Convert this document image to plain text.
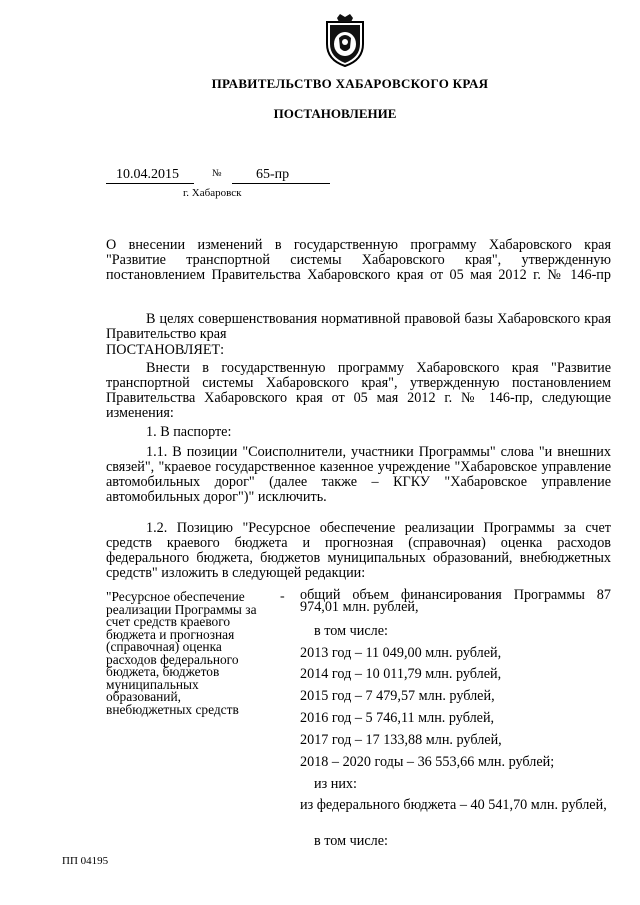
ПРАВИТЕЛЬСТВО ХАБАРОВСКОГО КРАЯ
ПОСТАНОВЛЕНИЕ
10.04.2015	№	65-пр
г. Хабаровск
О внесении изменений в государственную программу Хабаровского края "Развитие транспортной системы Хабаровского края", утвержденную постановлением Правительства Хабаровского края от 05 мая 2012 г. № 146-пр
В целях совершенствования нормативной правовой базы Хабаровского края Правительство края
ПОСТАНОВЛЯЕТ:
Внести в государственную программу Хабаровского края "Развитие транспортной системы Хабаровского края", утвержденную постановлением Правительства Хабаровского края от 05 мая 2012 г. № 146-пр, следующие изменения:
1. В паспорте:
1.1. В позиции "Соисполнители, участники Программы" слова "и внешних связей", "краевое государственное казенное учреждение "Хабаровское управление автомобильных дорог" (далее также – КГКУ "Хабаровское управление автомобильных дорог")" исключить.
1.2. Позицию "Ресурсное обеспечение реализации Программы за счет средств краевого бюджета и прогнозная (справочная) оценка расходов федерального бюджета, бюджетов муниципальных образований, внебюджетных средств" изложить в следующей редакции:
"Ресурсное обеспечение реализации Программы за счет средств краевого бюджета и прогнозная (справочная) оценка расходов федерального бюджета, бюджетов муниципальных образований, внебюджетных средств
- общий объем финансирования Программы 87 974,01 млн. рублей,
в том числе:
2013 год – 11 049,00 млн. рублей,
2014 год – 10 011,79 млн. рублей,
2015 год – 7 479,57 млн. рублей,
2016 год – 5 746,11 млн. рублей,
2017 год – 17 133,88 млн. рублей,
2018 – 2020 годы – 36 553,66 млн. рублей;
из них:
из федерального бюджета – 40 541,70 млн. рублей,
в том числе:
ПП 04195
